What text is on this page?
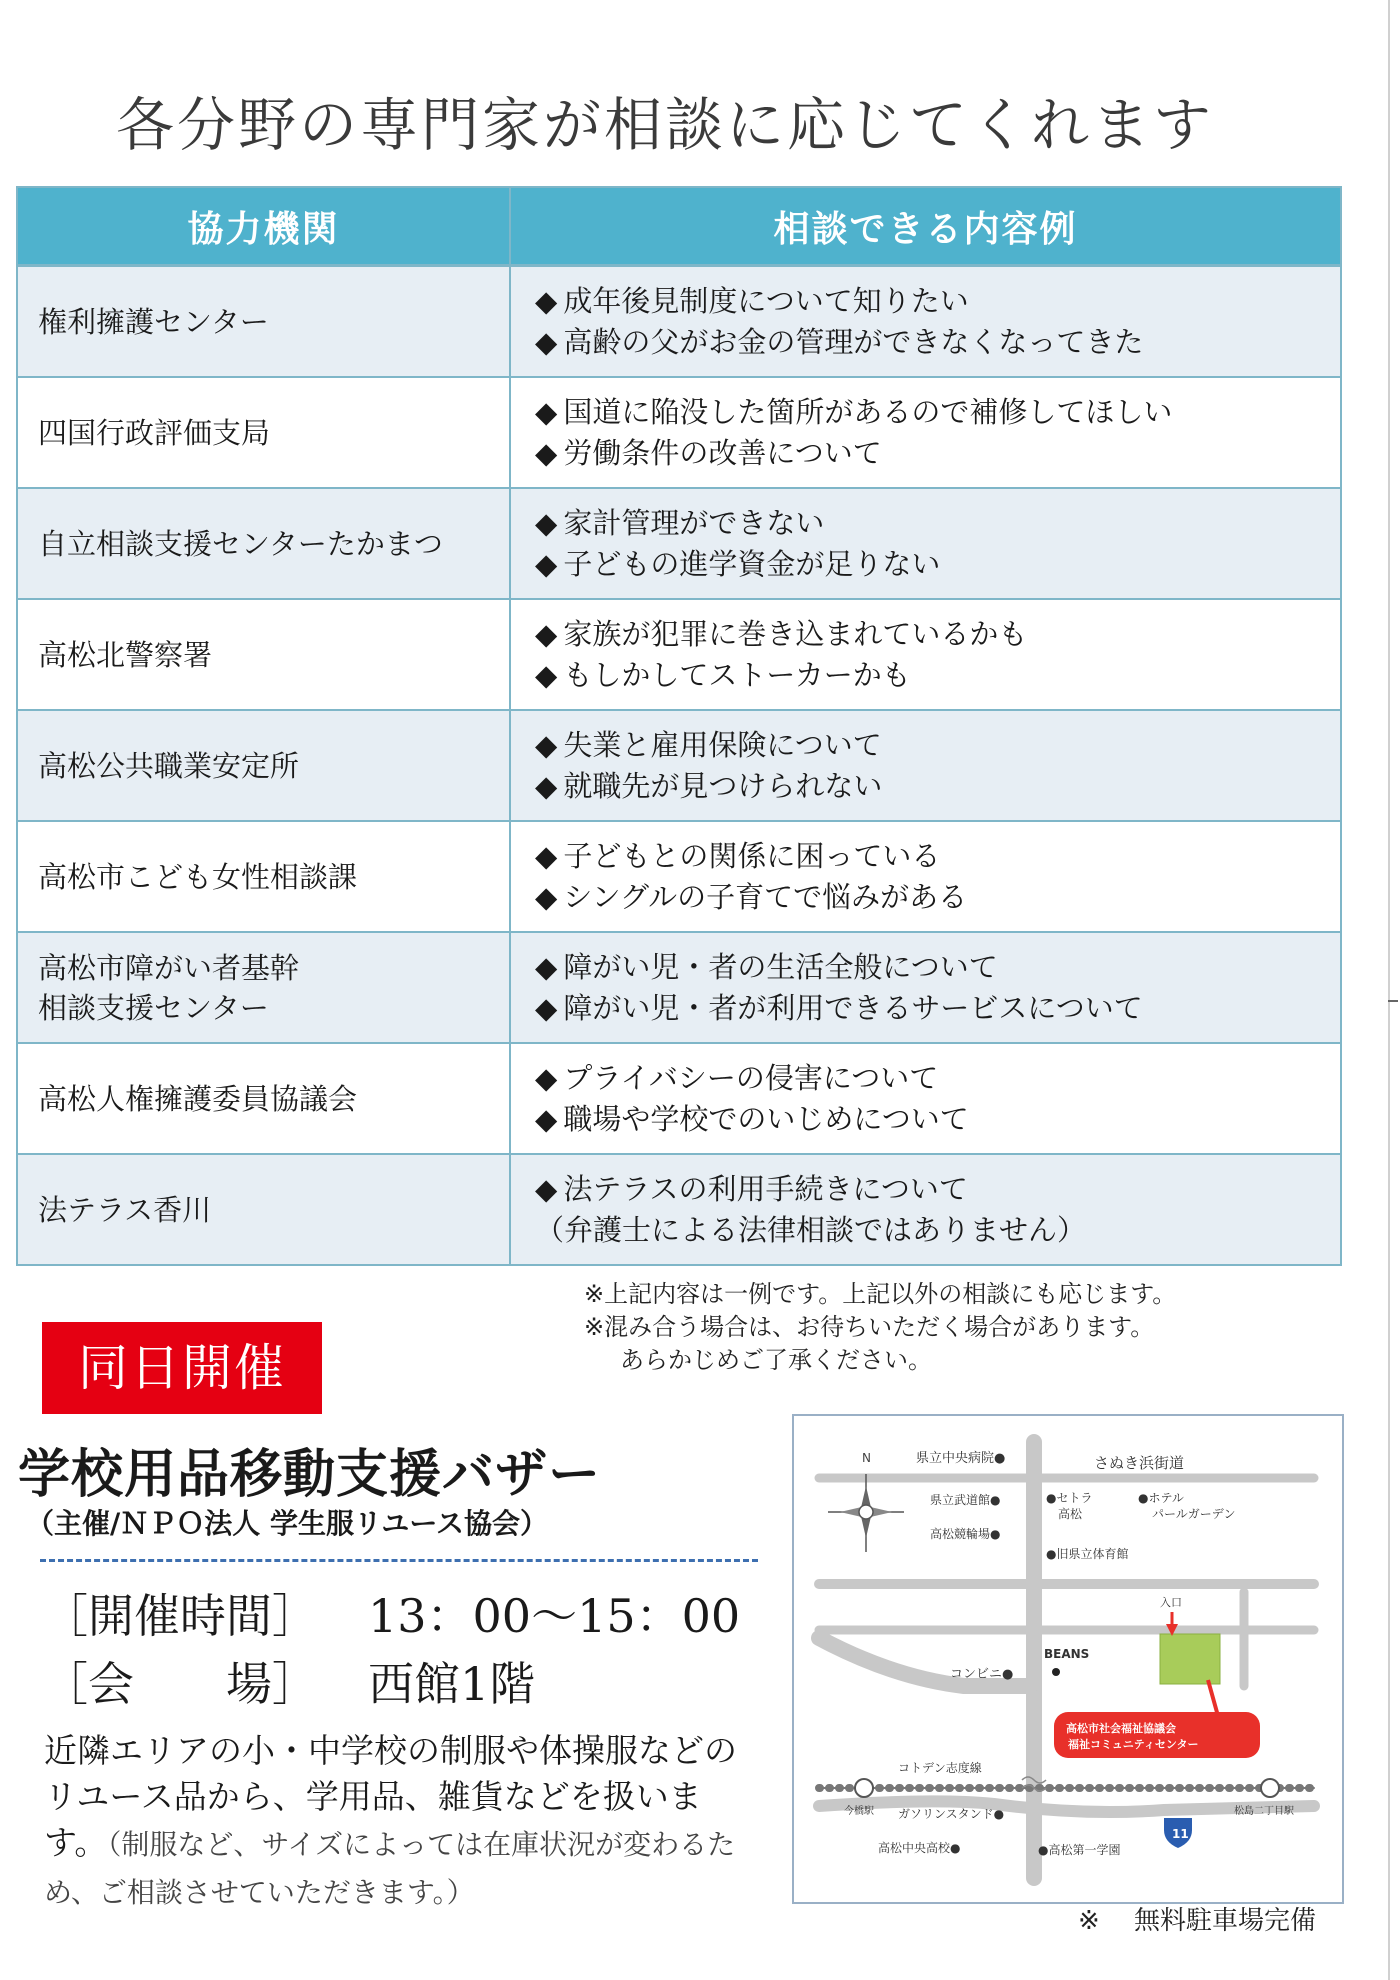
各分野の専門家が相談に応じてくれます
協力機関	相談できる内容例

権利擁護センター	◆ 成年後見制度について知りたい
◆ 高齢の父がお金の管理ができなくなってきた

四国行政評価支局	◆ 国道に陥没した箇所があるので補修してほしい
◆ 労働条件の改善について

自立相談支援センターたかまつ	◆ 家計管理ができない
◆ 子どもの進学資金が足りない

高松北警察署	◆ 家族が犯罪に巻き込まれているかも
◆ もしかしてストーカーかも

高松公共職業安定所	◆ 失業と雇用保険について
◆ 就職先が見つけられない

高松市こども女性相談課	◆ 子どもとの関係に困っている
◆ シングルの子育てで悩みがある

高松市障がい者基幹
相談支援センター	◆ 障がい児・者の生活全般について
◆ 障がい児・者が利用できるサービスについて

高松人権擁護委員協議会	◆ プライバシーの侵害について
◆ 職場や学校でのいじめについて

法テラス香川	◆ 法テラスの利用手続きについて
（弁護士による法律相談ではありません）
※上記内容は一例です。上記以外の相談にも応じます。
※混み合う場合は、お待ちいただく場合があります。
あらかじめご了承ください。
同日開催
学校用品移動支援バザー
（主催/ＮＰＯ法人 学生服リユース協会）
［開催時間］ 13：00～15：00
［会　　場］ 西館1階
近隣エリアの小・中学校の制服や体操服などのリユース品から、学用品、雑貨などを扱います。（制服など、サイズによっては在庫状況が変わるため、ご相談させていただきます。）
N	県立中央病院●	さぬき浜街道
県立武道館●
高松競輪場●
●セトラ
高松
●ホテル
パールガーデン
●旧県立体育館
入口
BEANS
コンビニ●
高松市社会福祉協議会
福祉コミュニティセンター
コトデン志度線
今橋駅 ガソリンスタンド●	松島二丁目駅
11
高松中央高校●	●高松第一学園
※　 無料駐車場完備
